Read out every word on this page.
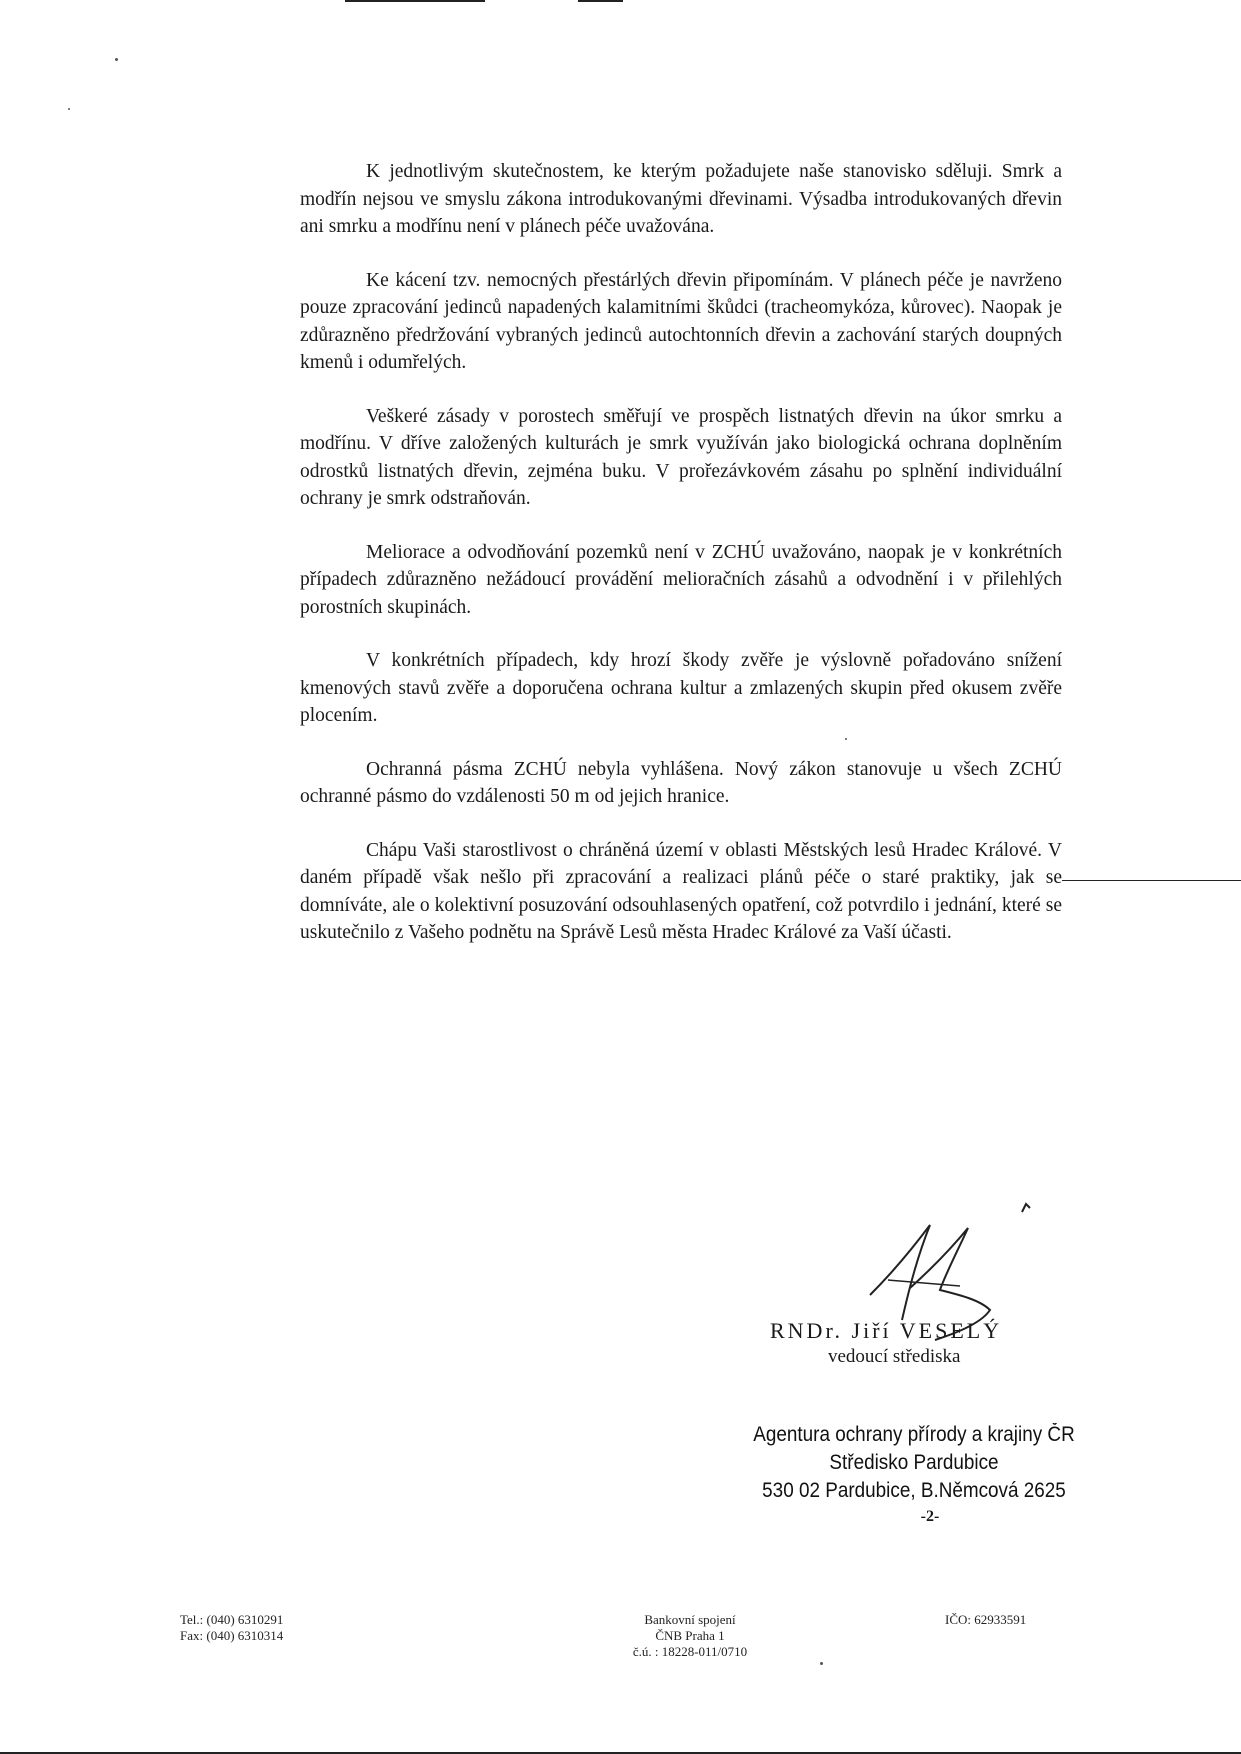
K jednotlivým skutečnostem, ke kterým požadujete naše stanovisko sděluji. Smrk a modřín nejsou ve smyslu zákona introdukovanými dřevinami. Výsadba introdukovaných dřevin ani smrku a modřínu není v plánech péče uvažována.

Ke kácení tzv. nemocných přestárlých dřevin připomínám. V plánech péče je navrženo pouze zpracování jedinců napadených kalamitními škůdci (tracheomykóza, kůrovec). Naopak je zdůrazněno předržování vybraných jedinců autochtonních dřevin a zachování starých doupných kmenů i odumřelých.

Veškeré zásady v porostech směřují ve prospěch listnatých dřevin na úkor smrku a modřínu. V dříve založených kulturách je smrk využíván jako biologická ochrana doplněním odrostků listnatých dřevin, zejména buku. V prořezávkovém zásahu po splnění individuální ochrany je smrk odstraňován.

Meliorace a odvodňování pozemků není v ZCHÚ uvažováno, naopak je v konkrétních případech zdůrazněno nežádoucí provádění melioračních zásahů a odvodnění i v přilehlých porostních skupinách.

V konkrétních případech, kdy hrozí škody zvěře je výslovně pořadováno snížení kmenových stavů zvěře a doporučena ochrana kultur a zmlazených skupin před okusem zvěře plocením.

Ochranná pásma ZCHÚ nebyla vyhlášena. Nový zákon stanovuje u všech ZCHÚ ochranné pásmo do vzdálenosti 50 m od jejich hranice.

Chápu Vaši starostlivost o chráněná území v oblasti Městských lesů Hradec Králové. V daném případě však nešlo při zpracování a realizaci plánů péče o staré praktiky, jak se domníváte, ale o kolektivní posuzování odsouhlasených opatření, což potvrdilo i jednání, které se uskutečnilo z Vašeho podnětu na Správě Lesů města Hradec Králové za Vaší účasti.

RNDr. Jiří VESELÝ
vedoucí střediska
Agentura ochrany přírody a krajiny ČR
Středisko Pardubice
530 02 Pardubice, B.Němcová 2625
-2-
Tel.: (040) 6310291
Fax: (040) 6310314
Bankovní spojení
ČNB Praha 1
č.ú. : 18228-011/0710
IČO: 62933591
